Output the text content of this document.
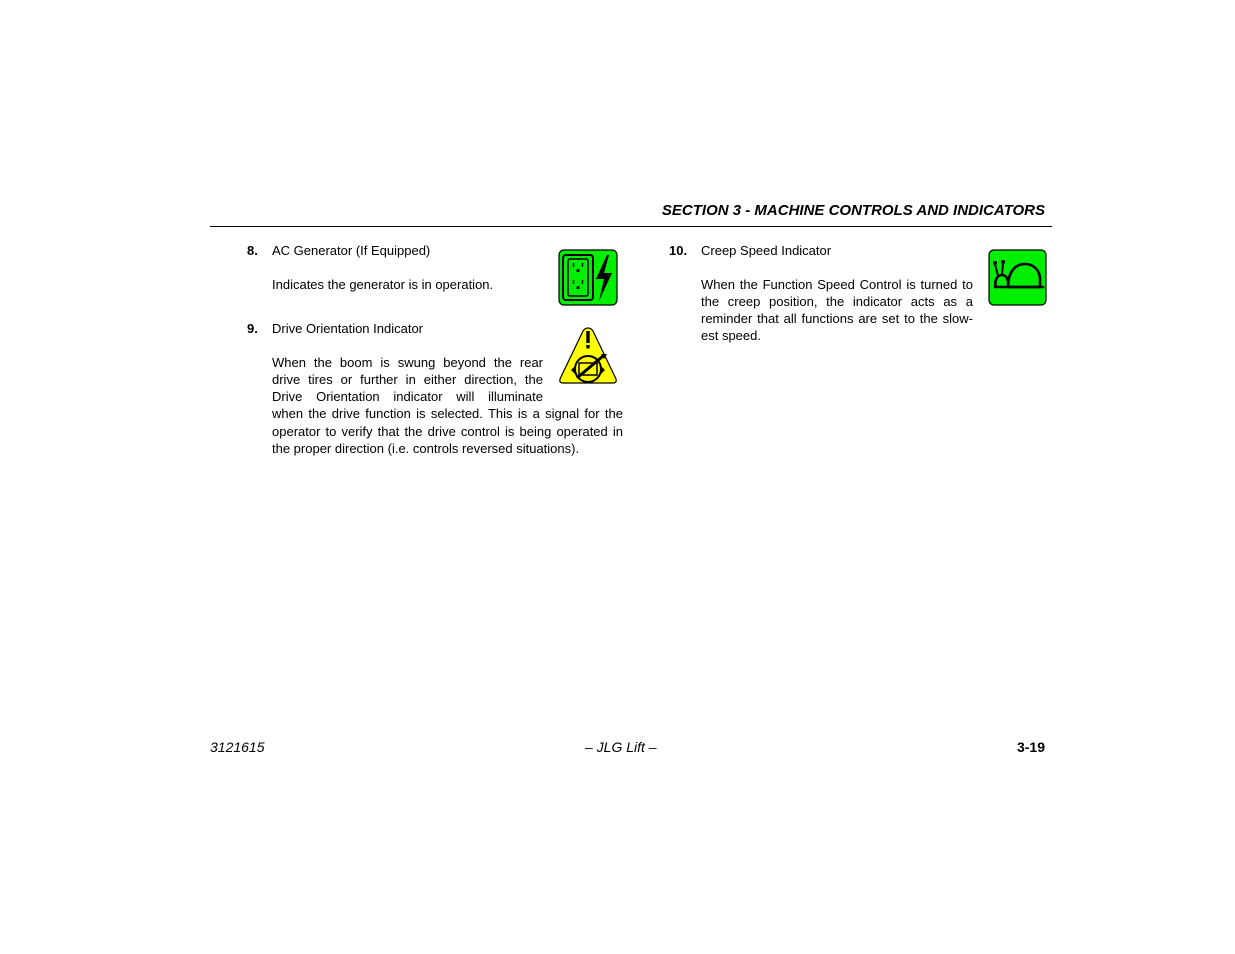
SECTION 3 - MACHINE CONTROLS AND INDICATORS
8. AC Generator (If Equipped)
Indicates the generator is in operation.
9. Drive Orientation Indicator
When the boom is swung beyond the rear
drive tires or further in either direction, the
Drive Orientation indicator will illuminate
when the drive function is selected. This is a signal for the
operator to verify that the drive control is being operated in
the proper direction (i.e. controls reversed situations).
10. Creep Speed Indicator
When the Function Speed Control is turned to
the creep position, the indicator acts as a
reminder that all functions are set to the slow-
est speed.
3121615	– JLG Lift –	3-19
